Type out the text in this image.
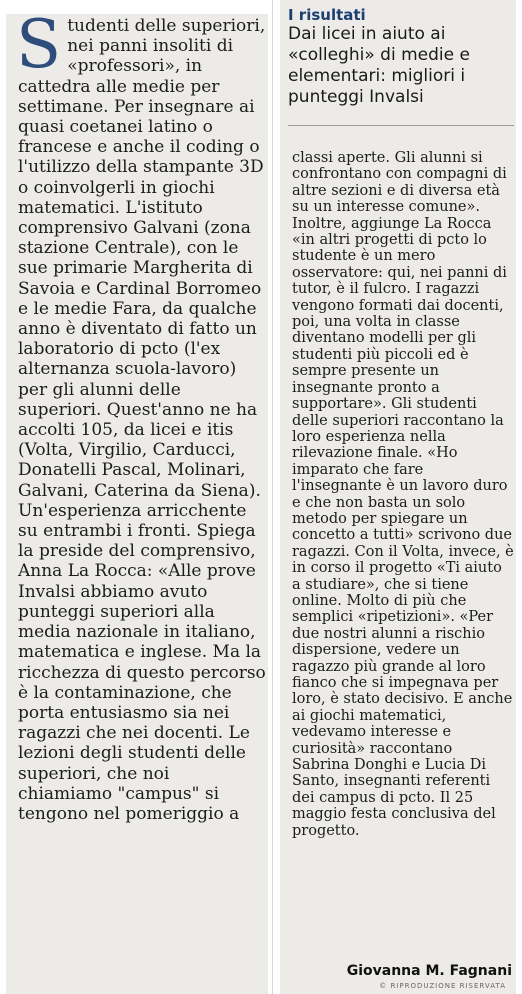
S tudenti delle superiori, nei panni insoliti di «professori», in cattedra alle medie per settimane. Per insegnare ai quasi coetanei latino o francese e anche il coding o l'utilizzo della stampante 3D o coinvolgerli in giochi matematici. L'istituto comprensivo Galvani (zona stazione Centrale), con le sue primarie Margherita di Savoia e Cardinal Borromeo e le medie Fara, da qualche anno è diventato di fatto un laboratorio di pcto (l'ex alternanza scuola-lavoro) per gli alunni delle superiori. Quest'anno ne ha accolti 105, da licei e itis (Volta, Virgilio, Carducci, Donatelli Pascal, Molinari, Galvani, Caterina da Siena). Un'esperienza arricchente su entrambi i fronti. Spiega la preside del comprensivo, Anna La Rocca: «Alle prove Invalsi abbiamo avuto punteggi superiori alla media nazionale in italiano, matematica e inglese. Ma la ricchezza di questo percorso è la contaminazione, che porta entusiasmo sia nei ragazzi che nei docenti. Le lezioni degli studenti delle superiori, che noi chiamiamo "campus" si tengono nel pomeriggio a
I risultati
Dai licei in aiuto ai «colleghi» di medie e elementari: migliori i punteggi Invalsi
classi aperte. Gli alunni si confrontano con compagni di altre sezioni e di diversa età su un interesse comune». Inoltre, aggiunge La Rocca «in altri progetti di pcto lo studente è un mero osservatore: qui, nei panni di tutor, è il fulcro. I ragazzi vengono formati dai docenti, poi, una volta in classe diventano modelli per gli studenti più piccoli ed è sempre presente un insegnante pronto a supportare». Gli studenti delle superiori raccontano la loro esperienza nella rilevazione finale. «Ho imparato che fare l'insegnante è un lavoro duro e che non basta un solo metodo per spiegare un concetto a tutti» scrivono due ragazzi. Con il Volta, invece, è in corso il progetto «Ti aiuto a studiare», che si tiene online. Molto di più che semplici «ripetizioni». «Per due nostri alunni a rischio dispersione, vedere un ragazzo più grande al loro fianco che si impegnava per loro, è stato decisivo. E anche ai giochi matematici, vedevamo interesse e curiosità» raccontano Sabrina Donghi e Lucia Di Santo, insegnanti referenti dei campus di pcto. Il 25 maggio festa conclusiva del progetto.
Giovanna M. Fagnani
© RIPRODUZIONE RISERVATA
